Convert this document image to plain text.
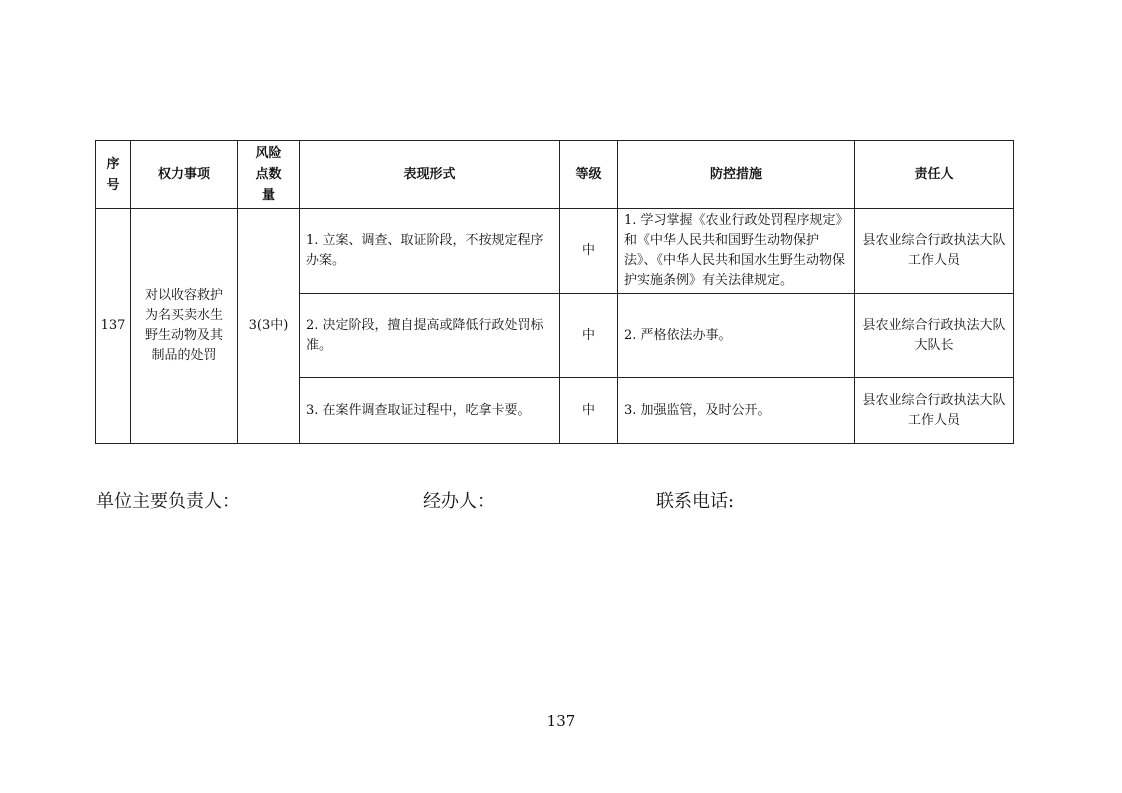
序号	权力事项	风险点数量	表现形式	等级	防控措施	责任人
137	对以收容救护为名买卖水生野生动物及其制品的处罚	3(3中)	1. 立案、调查、取证阶段，不按规定程序办案。	中	1. 学习掌握《农业行政处罚程序规定》和《中华人民共和国野生动物保护法》、《中华人民共和国水生野生动物保护实施条例》有关法律规定。	县农业综合行政执法大队工作人员
			2. 决定阶段，擅自提高或降低行政处罚标准。	中	2. 严格依法办事。	县农业综合行政执法大队大队长
			3. 在案件调查取证过程中，吃拿卡要。	中	3. 加强监管，及时公开。	县农业综合行政执法大队工作人员
单位主要负责人：	经办人：	联系电话:
137
